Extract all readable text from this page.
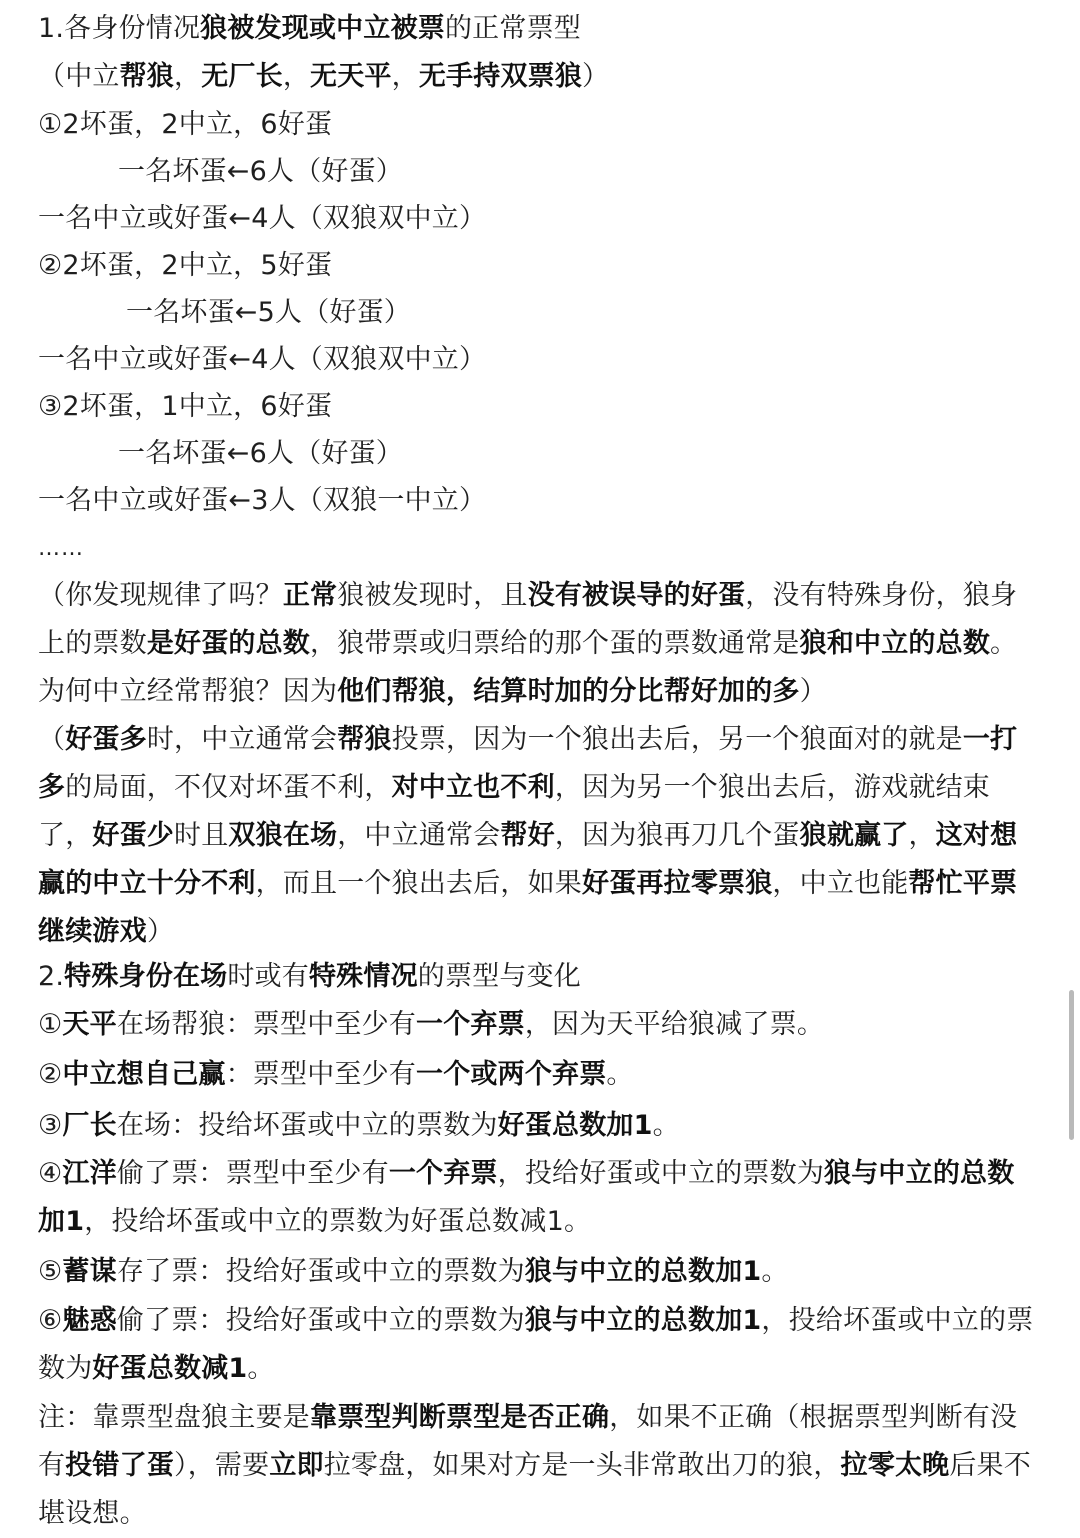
1.各身份情况狼被发现或中立被票的正常票型
（中立帮狼，无厂长，无天平，无手持双票狼）
①2坏蛋，2中立，6好蛋
一名坏蛋←6人（好蛋）
一名中立或好蛋←4人（双狼双中立）
②2坏蛋，2中立，5好蛋
一名坏蛋←5人（好蛋）
一名中立或好蛋←4人（双狼双中立）
③2坏蛋，1中立，6好蛋
一名坏蛋←6人（好蛋）
一名中立或好蛋←3人（双狼一中立）
……
（你发现规律了吗？正常狼被发现时，且没有被误导的好蛋，没有特殊身份，狼身上的票数是好蛋的总数，狼带票或归票给的那个蛋的票数通常是狼和中立的总数。为何中立经常帮狼？因为他们帮狼，结算时加的分比帮好加的多）
（好蛋多时，中立通常会帮狼投票，因为一个狼出去后，另一个狼面对的就是一打多的局面，不仅对坏蛋不利，对中立也不利，因为另一个狼出去后，游戏就结束了，好蛋少时且双狼在场，中立通常会帮好，因为狼再刀几个蛋狼就赢了，这对想赢的中立十分不利，而且一个狼出去后，如果好蛋再拉零票狼，中立也能帮忙平票继续游戏）
2.特殊身份在场时或有特殊情况的票型与变化
①天平在场帮狼：票型中至少有一个弃票，因为天平给狼减了票。
②中立想自己赢：票型中至少有一个或两个弃票。
③厂长在场：投给坏蛋或中立的票数为好蛋总数加1。
④江洋偷了票：票型中至少有一个弃票，投给好蛋或中立的票数为狼与中立的总数加1，投给坏蛋或中立的票数为好蛋总数减1。
⑤蓄谋存了票：投给好蛋或中立的票数为狼与中立的总数加1。
⑥魅惑偷了票：投给好蛋或中立的票数为狼与中立的总数加1，投给坏蛋或中立的票数为好蛋总数减1。
注：靠票型盘狼主要是靠票型判断票型是否正确，如果不正确（根据票型判断有没有投错了蛋），需要立即拉零盘，如果对方是一头非常敢出刀的狼，拉零太晚后果不堪设想。
